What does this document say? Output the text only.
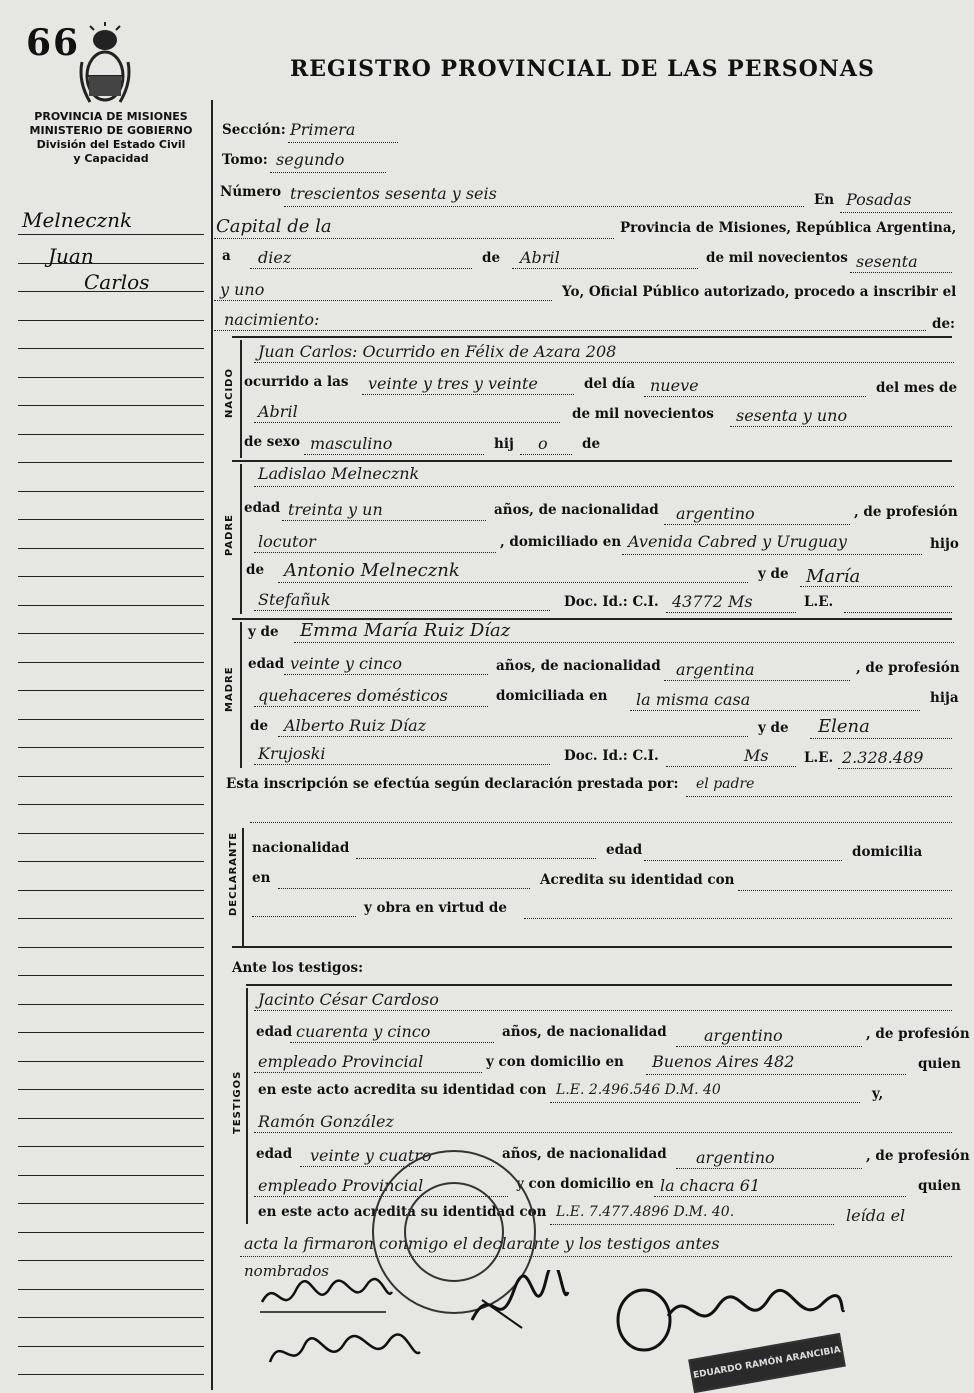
66
REGISTRO PROVINCIAL DE LAS PERSONAS
PROVINCIA DE MISIONES
MINISTERIO DE GOBIERNO
División del Estado Civil
y Capacidad
Melnecznk
Juan
Carlos
Sección: Primera
Tomo: segundo
Número trescientos sesenta y seis	En Posadas
Capital de la	Provincia de Misiones, República Argentina,
a diez	de Abril	de mil novecientos sesenta
y uno	Yo, Oficial Público autorizado, procedo a inscribir el
nacimiento:	de:
NACIDO
Juan Carlos: Ocurrido en Félix de Azara 208
ocurrido a las veinte y tres y veinte	del día nueve	del mes de
Abril	de mil novecientos sesenta y uno
de sexo masculino	hij o	de
PADRE
Ladislao Melnecznk
edad treinta y un	años, de nacionalidad argentino	, de profesión
locutor	, domiciliado en Avenida Cabred y Uruguay	hijo
de Antonio Melnecznk	y de María
Stefañuk	Doc. Id.: C.I. 43772 Ms	L.E.
MADRE
y de Emma María Ruiz Díaz
edad veinte y cinco	años, de nacionalidad argentina	, de profesión
quehaceres domésticos	domiciliada en la misma casa	hija
de Alberto Ruiz Díaz	y de Elena
Krujoski	Doc. Id.: C.I.	Ms	L.E. 2.328.489
Esta inscripción se efectúa según declaración prestada por: el padre
DECLARANTE nacionalidad	edad	domicilia
en	Acredita su identidad con
y obra en virtud de
Ante los testigos:
TESTIGOS
Jacinto César Cardoso
edad cuarenta y cinco	años, de nacionalidad argentino	, de profesión
empleado Provincial	y con domicilio en Buenos Aires 482	quien
en este acto acredita su identidad con L.E. 2.496.546 D.M. 40	y,
Ramón González
edad veinte y cuatro	años, de nacionalidad argentino	, de profesión
empleado Provincial	y con domicilio en la chacra 61	quien
en este acto acredita su identidad con L.E. 7.477.4896 D.M. 40.	leída el
acta la firmaron conmigo el declarante y los testigos antes
nombrados
EDUARDO RAMÓN ARANCIBIA
